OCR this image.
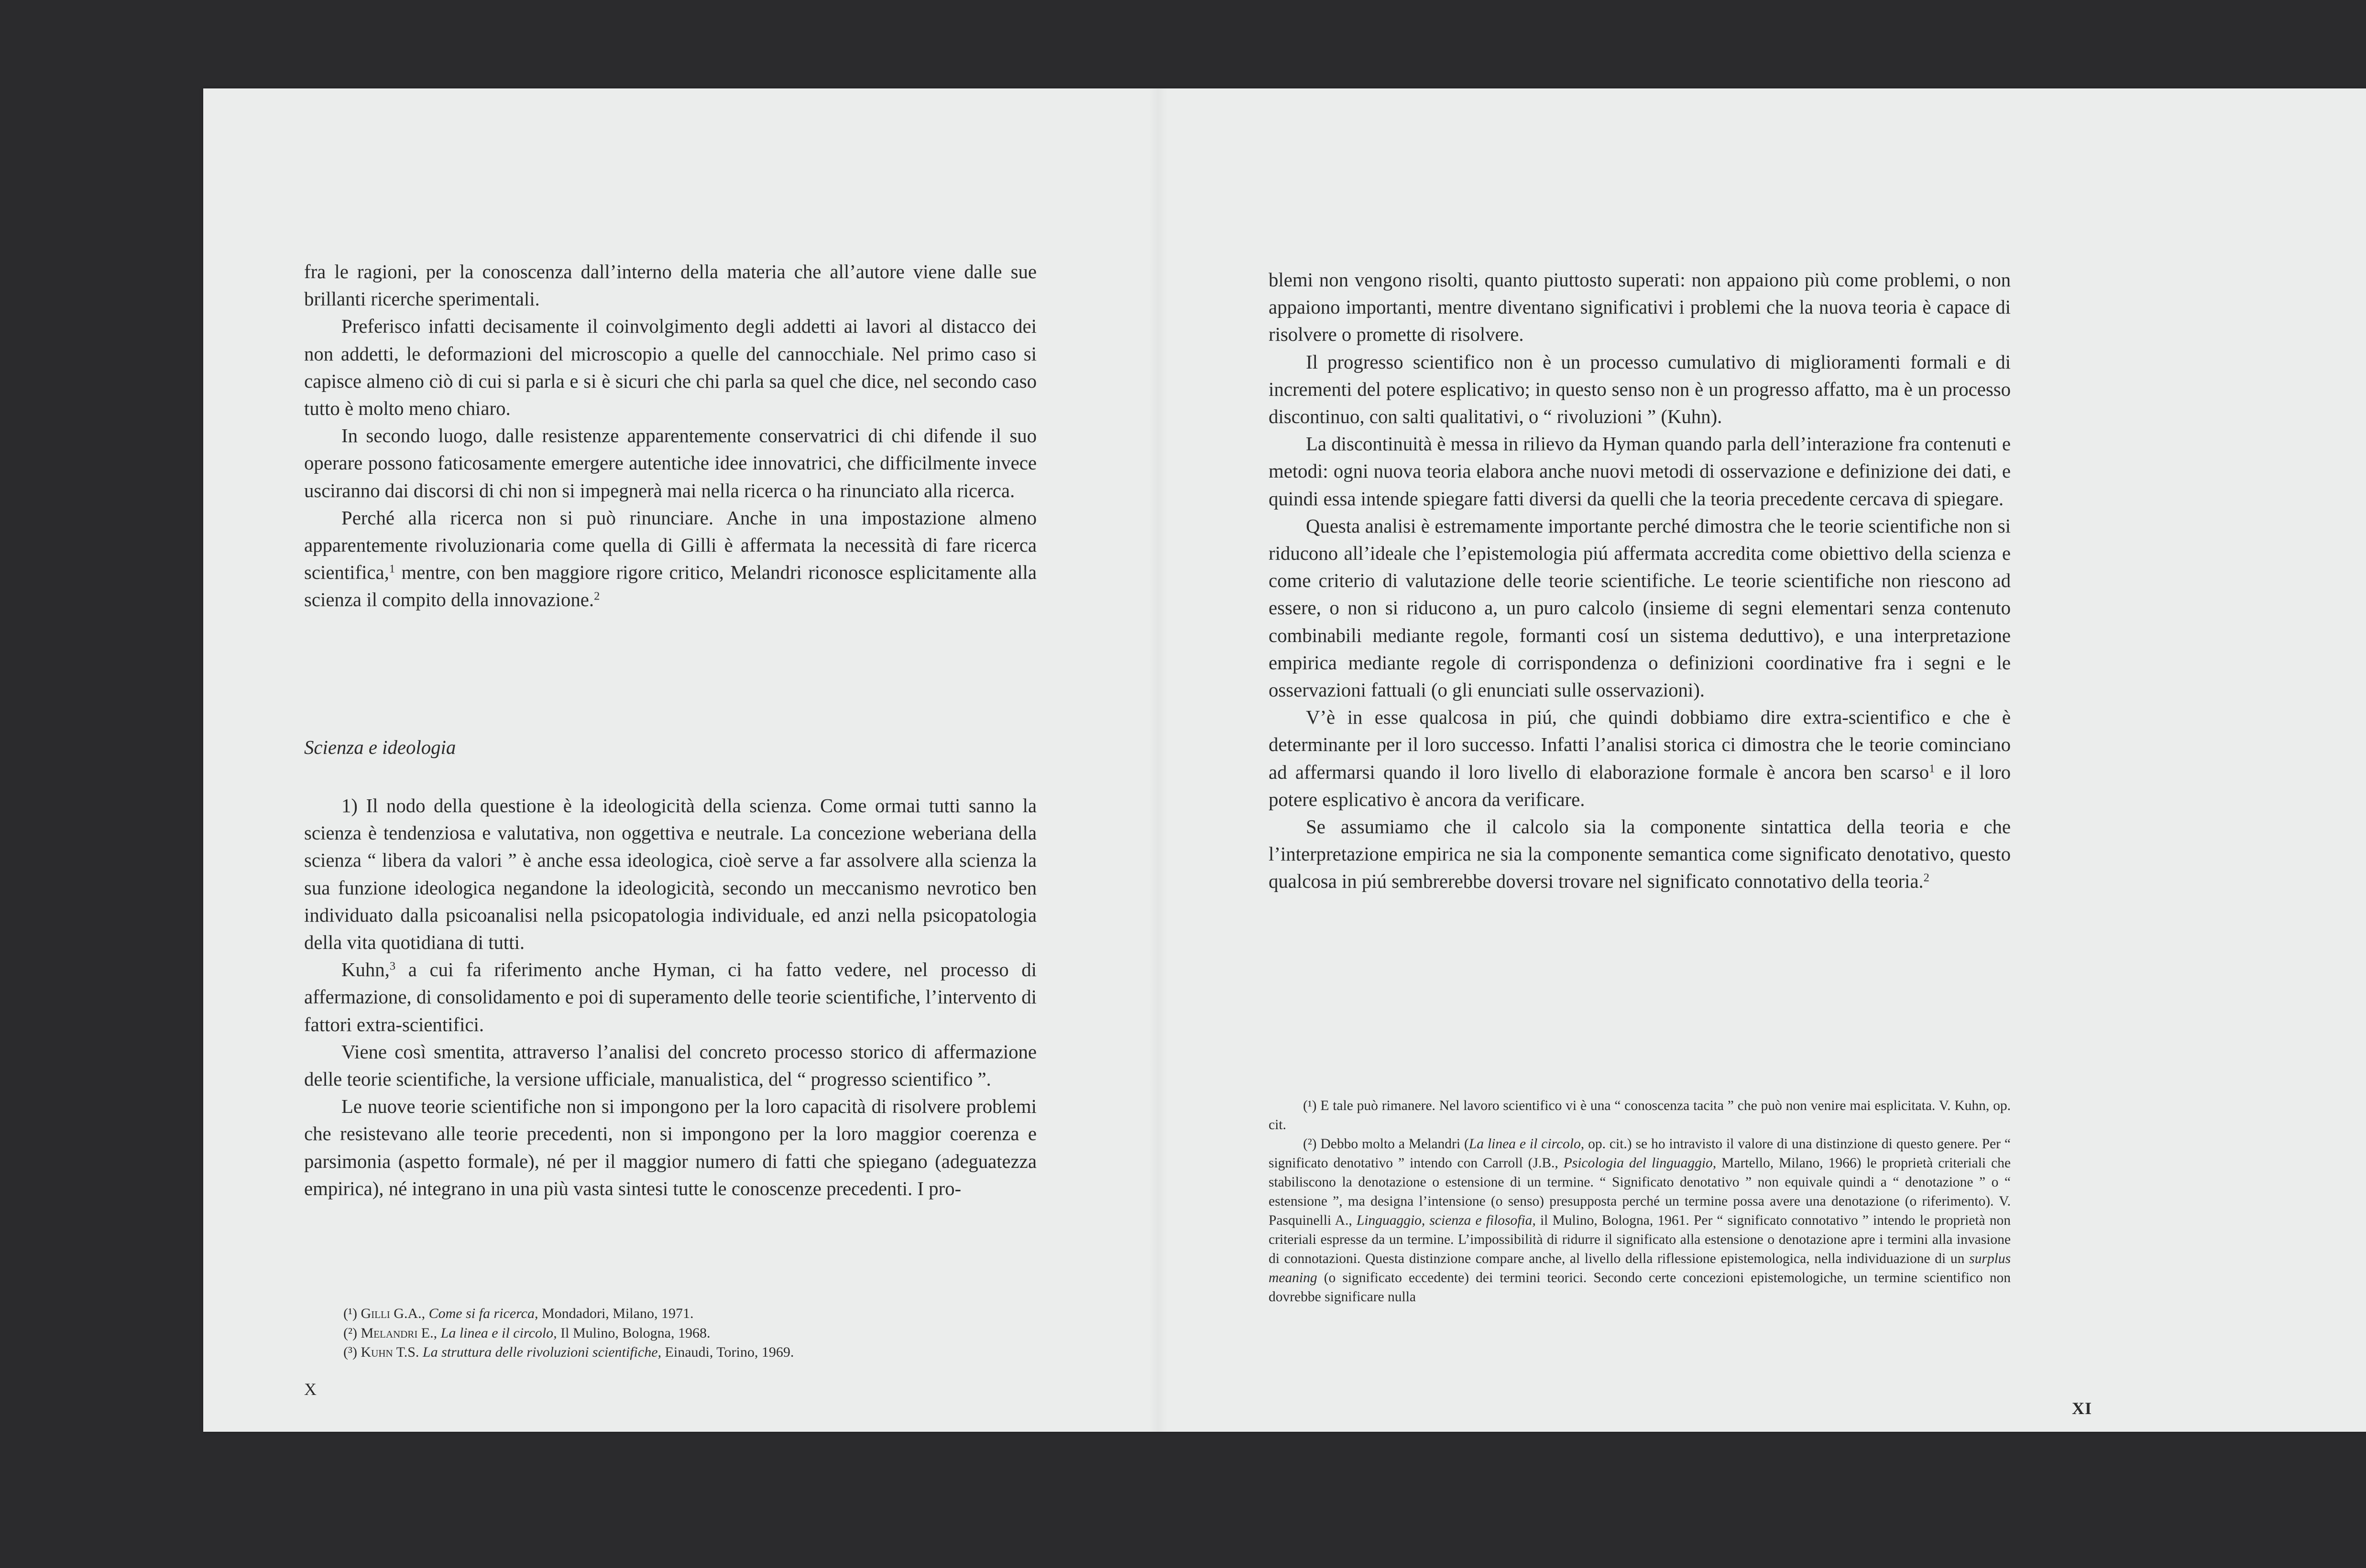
fra le ragioni, per la conoscenza dall’interno della materia che all’autore viene dalle sue brillanti ricerche sperimentali.

Preferisco infatti decisamente il coinvolgimento degli addetti ai lavori al distacco dei non addetti, le deformazioni del microscopio a quelle del cannocchiale. Nel primo caso si capisce almeno ciò di cui si parla e si è sicuri che chi parla sa quel che dice, nel secondo caso tutto è molto meno chiaro.

In secondo luogo, dalle resistenze apparentemente conservatrici di chi difende il suo operare possono faticosamente emergere autentiche idee innovatrici, che difficilmente invece usciranno dai discorsi di chi non si impegnerà mai nella ricerca o ha rinunciato alla ricerca.

Perché alla ricerca non si può rinunciare. Anche in una impostazione almeno apparentemente rivoluzionaria come quella di Gilli è affermata la necessità di fare ricerca scientifica,$^1$ mentre, con ben maggiore rigore critico, Melandri riconosce esplicitamente alla scienza il compito della innovazione.$^2$

Scienza e ideologia

1) Il nodo della questione è la ideologicità della scienza. Come ormai tutti sanno la scienza è tendenziosa e valutativa, non oggettiva e neutrale. La concezione weberiana della scienza “ libera da valori ” è anche essa ideologica, cioè serve a far assolvere alla scienza la sua funzione ideologica negandone la ideologicità, secondo un meccanismo nevrotico ben individuato dalla psicoanalisi nella psicopatologia individuale, ed anzi nella psicopatologia della vita quotidiana di tutti.

Kuhn,$^3$ a cui fa riferimento anche Hyman, ci ha fatto vedere, nel processo di affermazione, di consolidamento e poi di superamento delle teorie scientifiche, l’intervento di fattori extra-scientifici.

Viene così smentita, attraverso l’analisi del concreto processo storico di affermazione delle teorie scientifiche, la versione ufficiale, manualistica, del “ progresso scientifico ”.

Le nuove teorie scientifiche non si impongono per la loro capacità di risolvere problemi che resistevano alle teorie precedenti, non si impongono per la loro maggior coerenza e parsimonia (aspetto formale), né per il maggior numero di fatti che spiegano (adeguatezza empirica), né integrano in una più vasta sintesi tutte le conoscenze precedenti. I pro-

(¹) Gilli G.A., Come si fa ricerca, Mondadori, Milano, 1971.

(²) Melandri E., La linea e il circolo, Il Mulino, Bologna, 1968.

(³) Kuhn T.S. La struttura delle rivoluzioni scientifiche, Einaudi, Torino, 1969.

X

blemi non vengono risolti, quanto piuttosto superati: non appaiono più come problemi, o non appaiono importanti, mentre diventano significativi i problemi che la nuova teoria è capace di risolvere o promette di risolvere.

Il progresso scientifico non è un processo cumulativo di miglioramenti formali e di incrementi del potere esplicativo; in questo senso non è un progresso affatto, ma è un processo discontinuo, con salti qualitativi, o “ rivoluzioni ” (Kuhn).

La discontinuità è messa in rilievo da Hyman quando parla dell’interazione fra contenuti e metodi: ogni nuova teoria elabora anche nuovi metodi di osservazione e definizione dei dati, e quindi essa intende spiegare fatti diversi da quelli che la teoria precedente cercava di spiegare.

Questa analisi è estremamente importante perché dimostra che le teorie scientifiche non si riducono all’ideale che l’epistemologia piú affermata accredita come obiettivo della scienza e come criterio di valutazione delle teorie scientifiche. Le teorie scientifiche non riescono ad essere, o non si riducono a, un puro calcolo (insieme di segni elementari senza contenuto combinabili mediante regole, formanti cosí un sistema deduttivo), e una interpretazione empirica mediante regole di corrispondenza o definizioni coordinative fra i segni e le osservazioni fattuali (o gli enunciati sulle osservazioni).

V’è in esse qualcosa in piú, che quindi dobbiamo dire extra-scientifico e che è determinante per il loro successo. Infatti l’analisi storica ci dimostra che le teorie cominciano ad affermarsi quando il loro livello di elaborazione formale è ancora ben scarso$^1$ e il loro potere esplicativo è ancora da verificare.

Se assumiamo che il calcolo sia la componente sintattica della teoria e che l’interpretazione empirica ne sia la componente semantica come significato denotativo, questo qualcosa in piú sembrerebbe doversi trovare nel significato connotativo della teoria.$^2$

(¹) E tale può rimanere. Nel lavoro scientifico vi è una “ conoscenza tacita ” che può non venire mai esplicitata. V. Kuhn, op. cit.

(²) Debbo molto a Melandri (La linea e il circolo, op. cit.) se ho intravisto il valore di una distinzione di questo genere. Per “ significato denotativo ” intendo con Carroll (J.B., Psicologia del linguaggio, Martello, Milano, 1966) le proprietà criteriali che stabiliscono la denotazione o estensione di un termine. “ Significato denotativo ” non equivale quindi a “ denotazione ” o “ estensione ”, ma designa l’intensione (o senso) presupposta perché un termine possa avere una denotazione (o riferimento). V. Pasquinelli A., Linguaggio, scienza e filosofia, il Mulino, Bologna, 1961. Per “ significato connotativo ” intendo le proprietà non criteriali espresse da un termine. L’impossibilità di ridurre il significato alla estensione o denotazione apre i termini alla invasione di connotazioni. Questa distinzione compare anche, al livello della riflessione epistemologica, nella individuazione di un surplus meaning (o significato eccedente) dei termini teorici. Secondo certe concezioni epistemologiche, un termine scientifico non dovrebbe significare nulla

XI
